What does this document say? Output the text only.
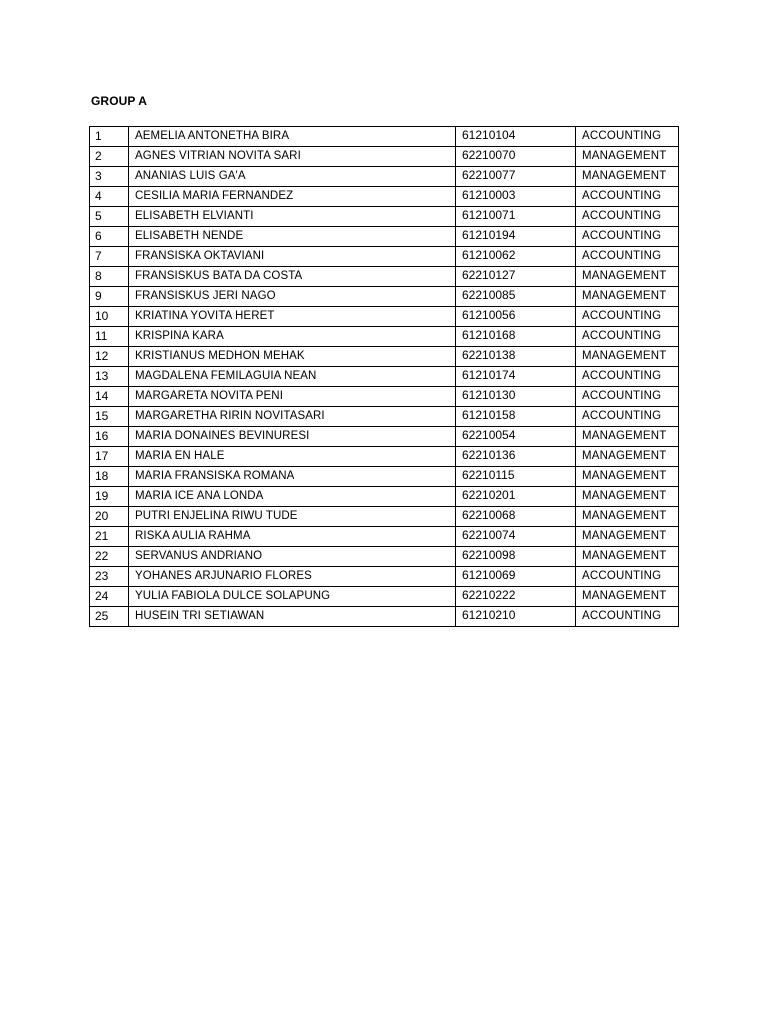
GROUP A
1	AEMELIA ANTONETHA BIRA	61210104	ACCOUNTING
2	AGNES VITRIAN NOVITA SARI	62210070	MANAGEMENT
3	ANANIAS LUIS GA'A	62210077	MANAGEMENT
4	CESILIA MARIA FERNANDEZ	61210003	ACCOUNTING
5	ELISABETH ELVIANTI	61210071	ACCOUNTING
6	ELISABETH NENDE	61210194	ACCOUNTING
7	FRANSISKA OKTAVIANI	61210062	ACCOUNTING
8	FRANSISKUS BATA DA COSTA	62210127	MANAGEMENT
9	FRANSISKUS JERI NAGO	62210085	MANAGEMENT
10	KRIATINA YOVITA HERET	61210056	ACCOUNTING
11	KRISPINA KARA	61210168	ACCOUNTING
12	KRISTIANUS MEDHON MEHAK	62210138	MANAGEMENT
13	MAGDALENA FEMILAGUIA NEAN	61210174	ACCOUNTING
14	MARGARETA NOVITA PENI	61210130	ACCOUNTING
15	MARGARETHA RIRIN NOVITASARI	61210158	ACCOUNTING
16	MARIA DONAINES BEVINURESI	62210054	MANAGEMENT
17	MARIA EN HALE	62210136	MANAGEMENT
18	MARIA FRANSISKA ROMANA	62210115	MANAGEMENT
19	MARIA ICE ANA LONDA	62210201	MANAGEMENT
20	PUTRI ENJELINA RIWU TUDE	62210068	MANAGEMENT
21	RISKA AULIA RAHMA	62210074	MANAGEMENT
22	SERVANUS ANDRIANO	62210098	MANAGEMENT
23	YOHANES ARJUNARIO FLORES	61210069	ACCOUNTING
24	YULIA FABIOLA DULCE SOLAPUNG	62210222	MANAGEMENT
25	HUSEIN TRI SETIAWAN	61210210	ACCOUNTING
